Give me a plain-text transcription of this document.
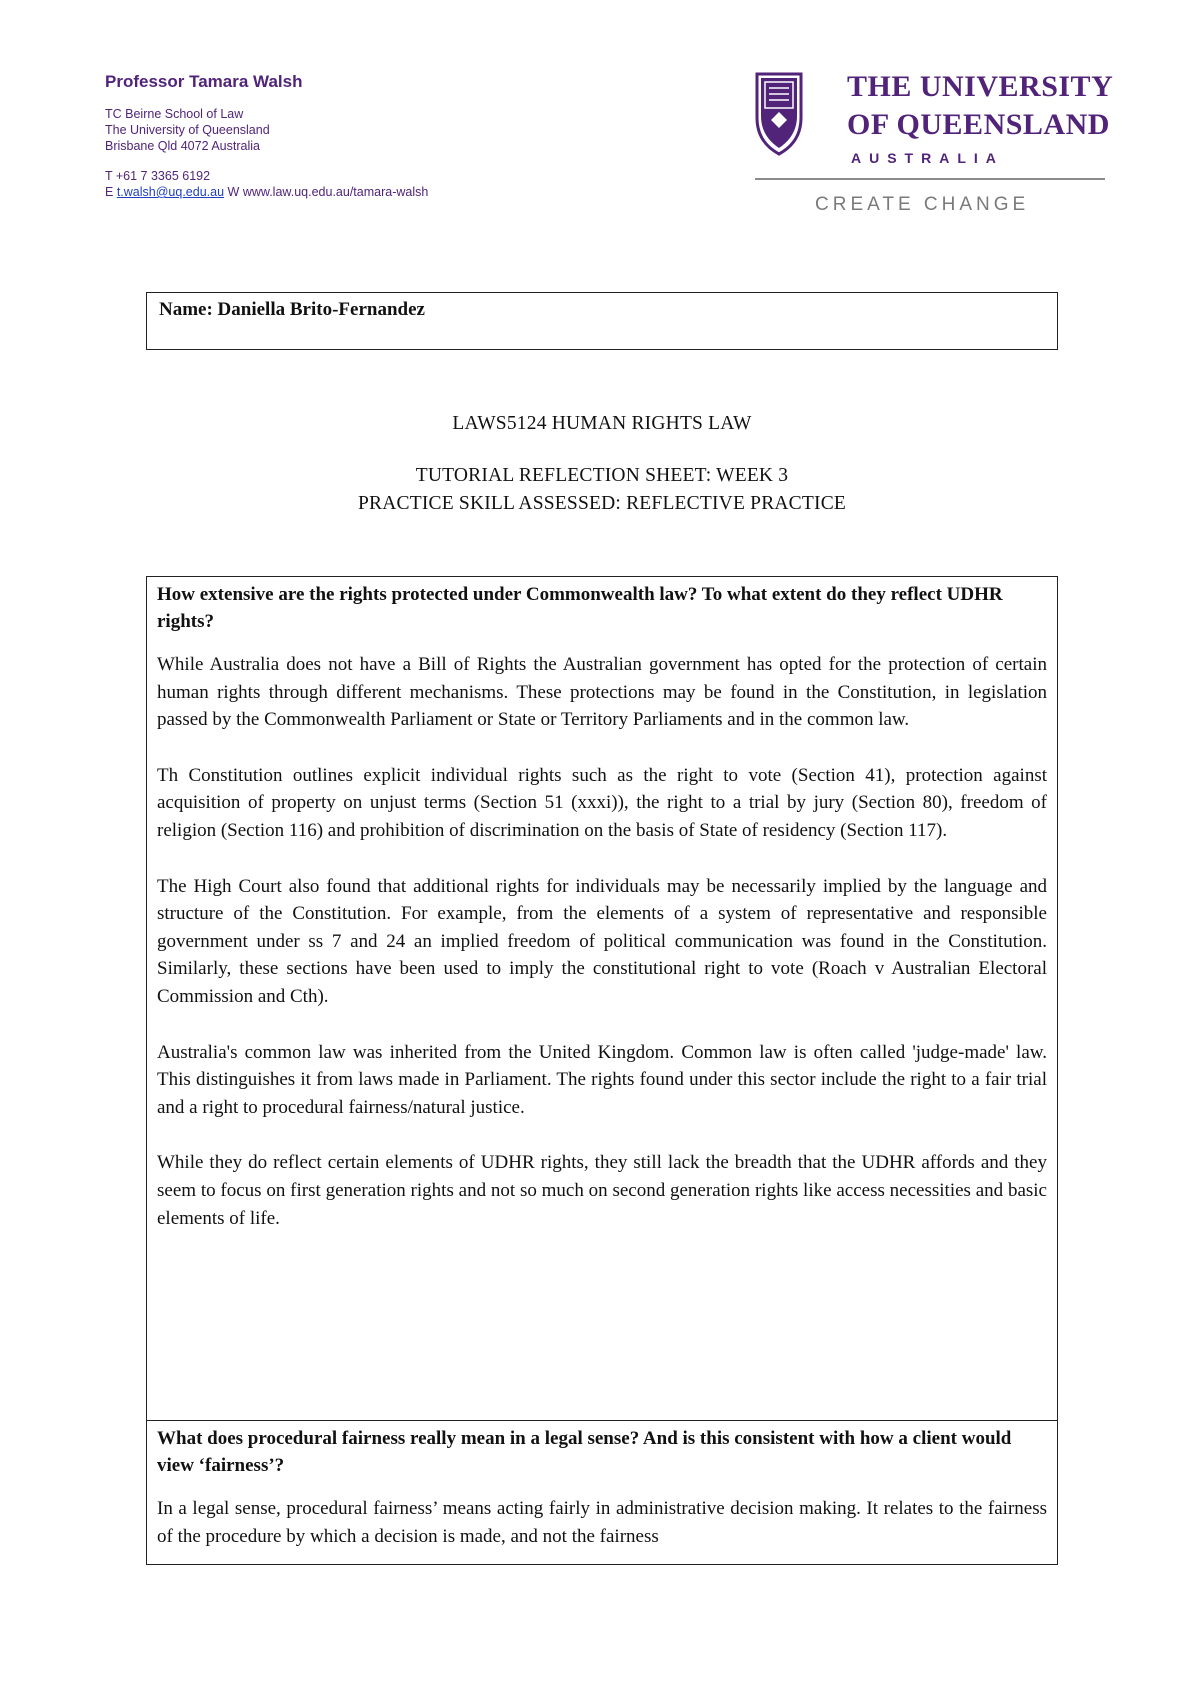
Professor Tamara Walsh
TC Beirne School of Law
The University of Queensland
Brisbane Qld 4072 Australia
T +61 7 3365 6192
E t.walsh@uq.edu.au W www.law.uq.edu.au/tamara-walsh
THE UNIVERSITY
OF QUEENSLAND
AUSTRALIA
CREATE CHANGE
Name: Daniella Brito-Fernandez
LAWS5124 HUMAN RIGHTS LAW
TUTORIAL REFLECTION SHEET: WEEK 3
PRACTICE SKILL ASSESSED: REFLECTIVE PRACTICE

How extensive are the rights protected under Commonwealth law? To what extent do they reflect UDHR rights?

While Australia does not have a Bill of Rights the Australian government has opted for the protection of certain human rights through different mechanisms. These protections may be found in the Constitution, in legislation passed by the Commonwealth Parliament or State or Territory Parliaments and in the common law.

Th Constitution outlines explicit individual rights such as the right to vote (Section 41), protection against acquisition of property on unjust terms (Section 51 (xxxi)), the right to a trial by jury (Section 80), freedom of religion (Section 116) and prohibition of discrimination on the basis of State of residency (Section 117).

The High Court also found that additional rights for individuals may be necessarily implied by the language and structure of the Constitution. For example, from the elements of a system of representative and responsible government under ss 7 and 24 an implied freedom of political communication was found in the Constitution. Similarly, these sections have been used to imply the constitutional right to vote (Roach v Australian Electoral Commission and Cth).

Australia's common law was inherited from the United Kingdom. Common law is often called 'judge-made' law. This distinguishes it from laws made in Parliament. The rights found under this sector include the right to a fair trial and a right to procedural fairness/natural justice.

While they do reflect certain elements of UDHR rights, they still lack the breadth that the UDHR affords and they seem to focus on first generation rights and not so much on second generation rights like access necessities and basic elements of life.

What does procedural fairness really mean in a legal sense? And is this consistent with how a client would view ‘fairness’?

In a legal sense, procedural fairness’ means acting fairly in administrative decision making. It relates to the fairness of the procedure by which a decision is made, and not the fairness
